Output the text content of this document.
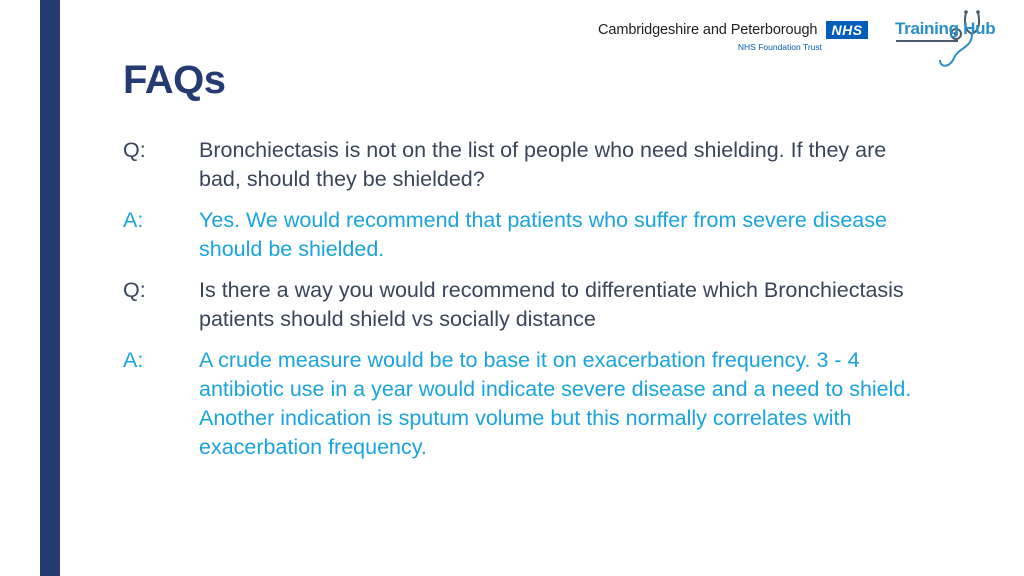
Cambridgeshire and Peterborough	NHS
NHS Foundation Trust
Training Hub
FAQs
Q:	Bronchiectasis is not on the list of people who need shielding. If they are bad, should they be shielded?
A:	Yes. We would recommend that patients who suffer from severe disease should be shielded.
Q:	Is there a way you would recommend to differentiate which Bronchiectasis patients should shield vs socially distance
A:	A crude measure would be to base it on exacerbation frequency. 3 - 4 antibiotic use in a year would indicate severe disease and a need to shield. Another indication is sputum volume but this normally correlates with exacerbation frequency.
